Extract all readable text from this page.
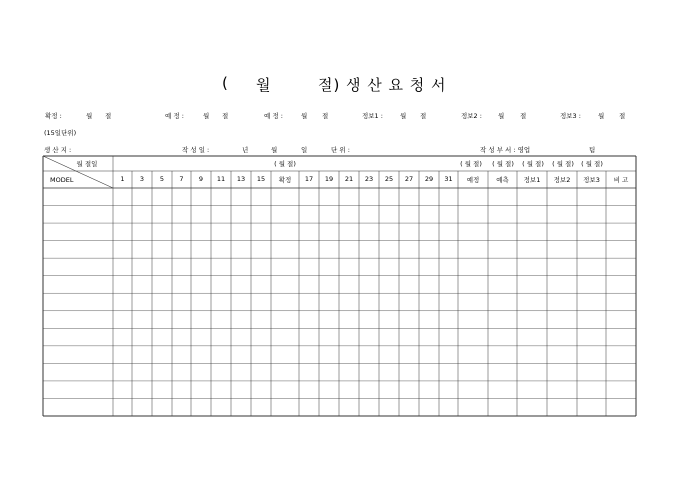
( 월	절) 생 산 요 청 서
확정 :	월 절	예 정 :	월 절	예 정 :	월 절	정보1 :	월 절	정보2 : 월 절	정보3 :	월 절
(15일단위)
생 산 지 :	작 성 일 :	년	월	일	단 위 :	작 성 부 서 : 영업	팀
월 절일
MODEL
( 월 절)	( 월 절)	( 월 절)	( 월 절)	( 월 절)	( 월 절)
1	3	5	7	9	11	13	15	확정	17	19	21	23	25	27	29	31	예정	예측	정보1	정보2	정보3	비 고
